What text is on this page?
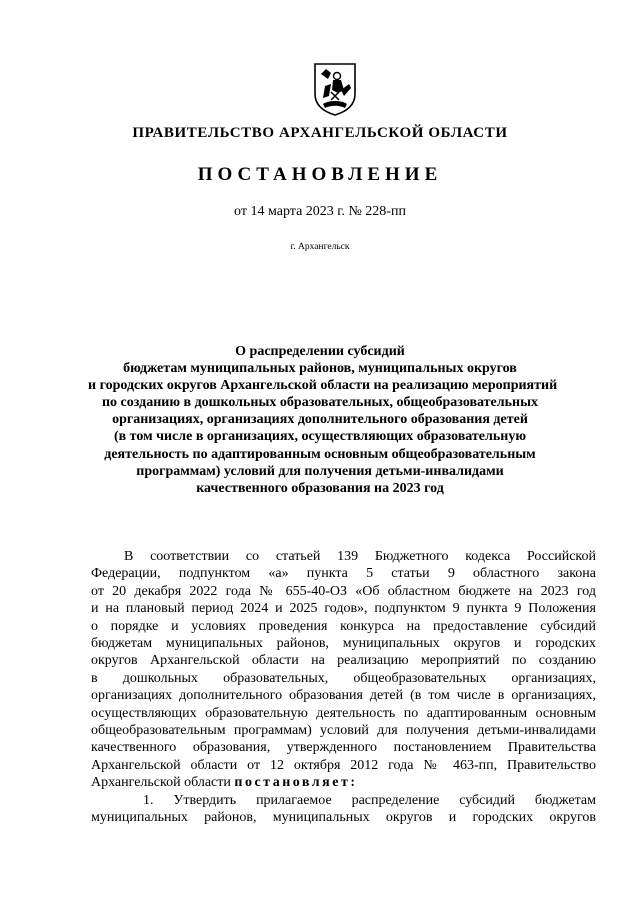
ПРАВИТЕЛЬСТВО АРХАНГЕЛЬСКОЙ ОБЛАСТИ
ПОСТАНОВЛЕНИЕ
от 14 марта 2023 г. № 228-пп
г. Архангельск
О распределении субсидий
бюджетам муниципальных районов, муниципальных округов
и городских округов Архангельской области на реализацию мероприятий
по созданию в дошкольных образовательных, общеобразовательных
организациях, организациях дополнительного образования детей
(в том числе в организациях, осуществляющих образовательную
деятельность по адаптированным основным общеобразовательным
программам) условий для получения детьми-инвалидами
качественного образования на 2023 год
В соответствии со статьей 139 Бюджетного кодекса Российской
Федерации, подпунктом «а» пункта 5 статьи 9 областного закона
от 20 декабря 2022 года № 655-40-ОЗ «Об областном бюджете на 2023 год
и на плановый период 2024 и 2025 годов», подпунктом 9 пункта 9 Положения
о порядке и условиях проведения конкурса на предоставление субсидий
бюджетам муниципальных районов, муниципальных округов и городских
округов Архангельской области на реализацию мероприятий по созданию
в дошкольных образовательных, общеобразовательных организациях,
организациях дополнительного образования детей (в том числе в организациях,
осуществляющих образовательную деятельность по адаптированным основным
общеобразовательным программам) условий для получения детьми-инвалидами
качественного образования, утвержденного постановлением Правительства
Архангельской области от 12 октября 2012 года № 463-пп, Правительство
Архангельской области постановляет:
1. Утвердить прилагаемое распределение субсидий бюджетам
муниципальных районов, муниципальных округов и городских округов
